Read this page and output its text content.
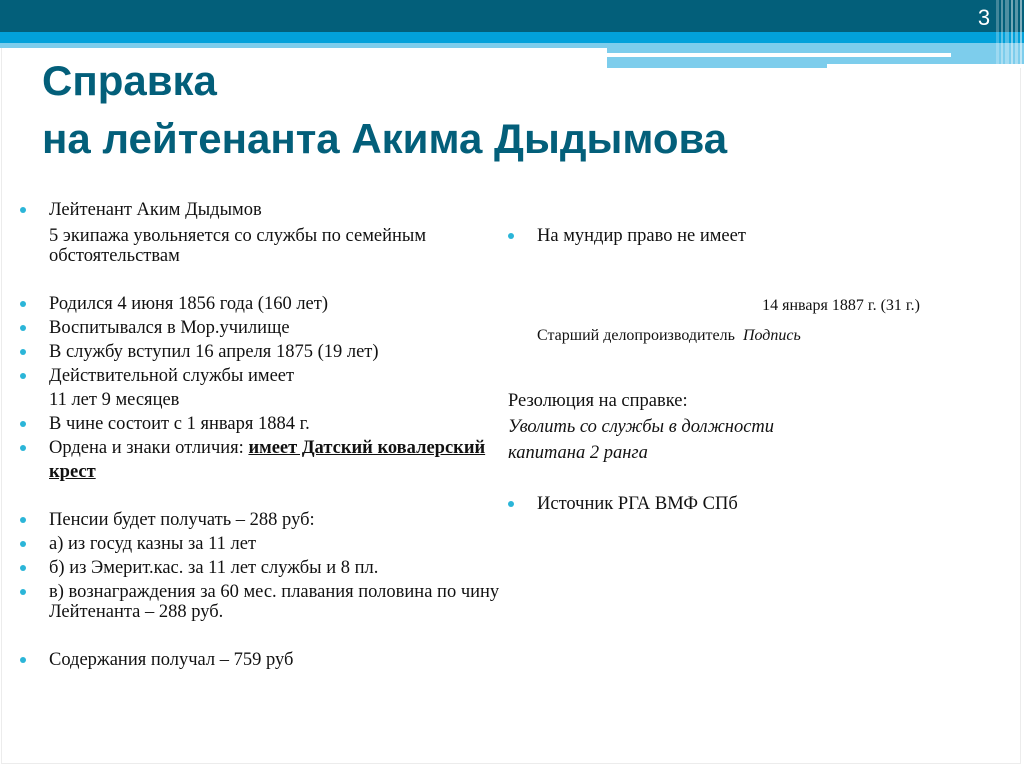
3
Справка
на лейтенанта Акима Дыдымова
Лейтенант Аким Дыдымов
5 экипажа увольняется со службы по семейным обстоятельствам
Родился 4 июня 1856 года (160 лет)
Воспитывался в Мор.училище
В службу вступил 16 апреля 1875 (19 лет)
Действительной службы имеет
11 лет 9 месяцев
В чине состоит с 1 января 1884 г.
Ордена и знаки отличия: имеет Датский ковалерский крест
Пенсии будет получать – 288 руб:
а) из госуд казны за 11 лет
б) из Эмерит.кас. за 11 лет службы и 8 пл.
в) вознаграждения за 60 мес. плавания половина по чину Лейтенанта – 288 руб.
Содержания получал – 759 руб
На мундир право не имеет
14 января 1887 г. (31 г.)
Старший делопроизводитель Подпись
Резолюция на справке:
Уволить со службы в должности
капитана 2 ранга
Источник РГА ВМФ СПб
